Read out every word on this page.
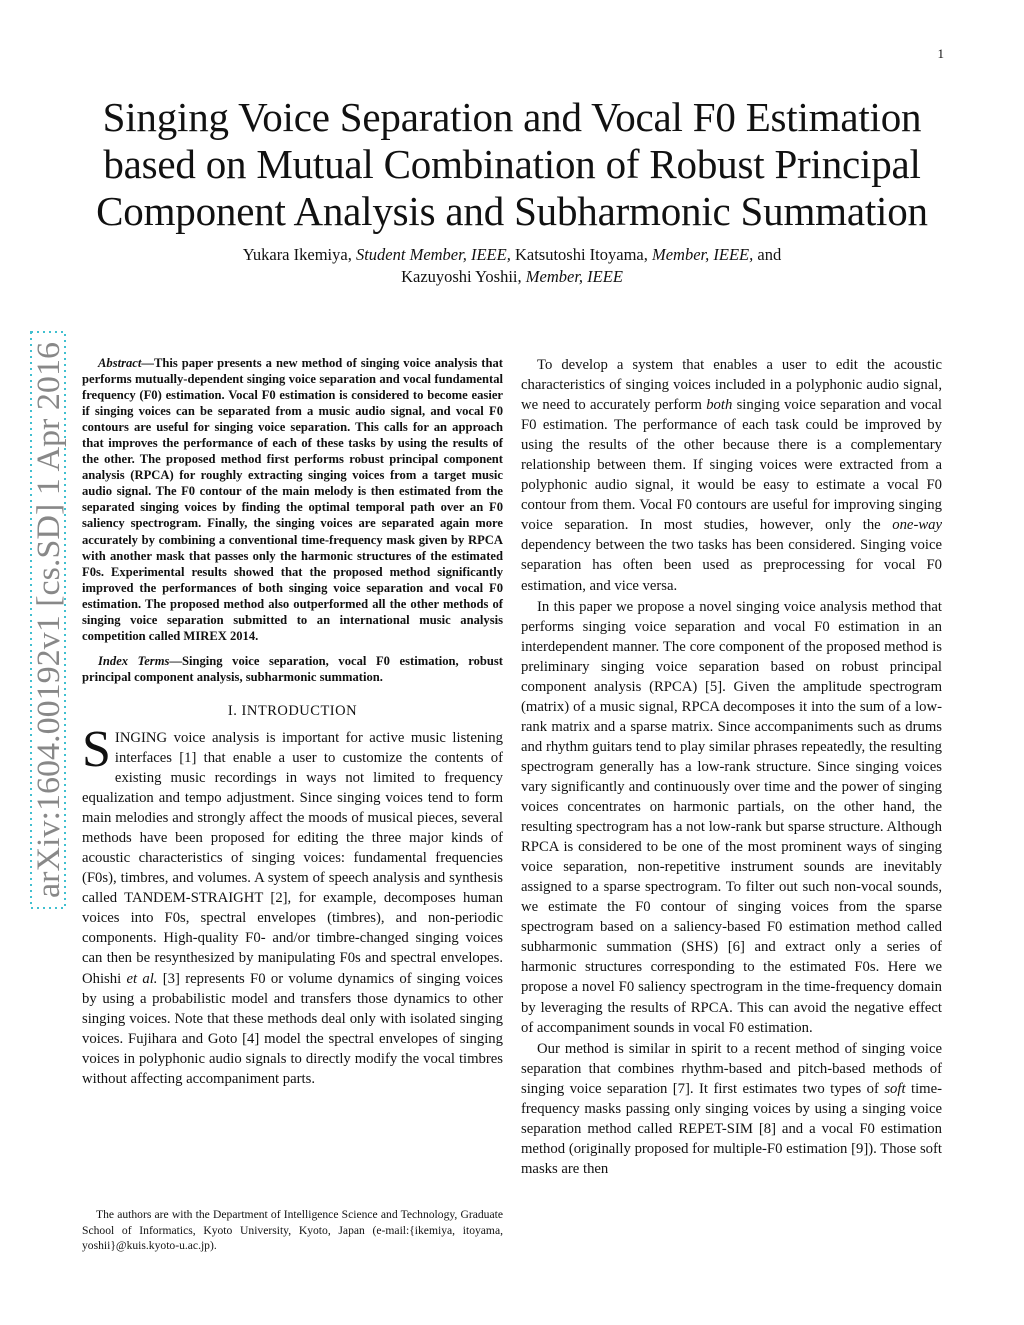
1
Singing Voice Separation and Vocal F0 Estimation
based on Mutual Combination of Robust Principal
Component Analysis and Subharmonic Summation
Yukara Ikemiya, Student Member, IEEE, Katsutoshi Itoyama, Member, IEEE, and
Kazuyoshi Yoshii, Member, IEEE
arXiv:1604.00192v1 [cs.SD] 1 Apr 2016	Abstract—This paper presents a new method of singing voice analysis that performs mutually-dependent singing voice separation and vocal fundamental frequency (F0) estimation. Vocal F0 estimation is considered to become easier if singing voices can be separated from a music audio signal, and vocal F0 contours are useful for singing voice separation. This calls for an approach that improves the performance of each of these tasks by using the results of the other. The proposed method first performs robust principal component analysis (RPCA) for roughly extracting singing voices from a target music audio signal. The F0 contour of the main melody is then estimated from the separated singing voices by finding the optimal temporal path over an F0 saliency spectrogram. Finally, the singing voices are separated again more accurately by combining a conventional time-frequency mask given by RPCA with another mask that passes only the harmonic structures of the estimated F0s. Experimental results showed that the proposed method significantly improved the performances of both singing voice separation and vocal F0 estimation. The proposed method also outperformed all the other methods of singing voice separation submitted to an international music analysis competition called MIREX 2014.

Index Terms—Singing voice separation, vocal F0 estimation, robust principal component analysis, subharmonic summation.

I. INTRODUCTION

SINGING voice analysis is important for active music listening interfaces [1] that enable a user to customize the contents of existing music recordings in ways not limited to frequency equalization and tempo adjustment. Since singing voices tend to form main melodies and strongly affect the moods of musical pieces, several methods have been proposed for editing the three major kinds of acoustic characteristics of singing voices: fundamental frequencies (F0s), timbres, and volumes. A system of speech analysis and synthesis called TANDEM-STRAIGHT [2], for example, decomposes human voices into F0s, spectral envelopes (timbres), and non-periodic components. High-quality F0- and/or timbre-changed singing voices can then be resynthesized by manipulating F0s and spectral envelopes. Ohishi et al. [3] represents F0 or volume dynamics of singing voices by using a probabilistic model and transfers those dynamics to other singing voices. Note that these methods deal only with isolated singing voices. Fujihara and Goto [4] model the spectral envelopes of singing voices in polyphonic audio signals to directly modify the vocal timbres without affecting accompaniment parts.

The authors are with the Department of Intelligence Science and Technology, Graduate School of Informatics, Kyoto University, Kyoto, Japan (e-mail:{ikemiya, itoyama, yoshii}@kuis.kyoto-u.ac.jp).

To develop a system that enables a user to edit the acoustic characteristics of singing voices included in a polyphonic audio signal, we need to accurately perform both singing voice separation and vocal F0 estimation. The performance of each task could be improved by using the results of the other because there is a complementary relationship between them. If singing voices were extracted from a polyphonic audio signal, it would be easy to estimate a vocal F0 contour from them. Vocal F0 contours are useful for improving singing voice separation. In most studies, however, only the one-way dependency between the two tasks has been considered. Singing voice separation has often been used as preprocessing for vocal F0 estimation, and vice versa.

In this paper we propose a novel singing voice analysis method that performs singing voice separation and vocal F0 estimation in an interdependent manner. The core component of the proposed method is preliminary singing voice separation based on robust principal component analysis (RPCA) [5]. Given the amplitude spectrogram (matrix) of a music signal, RPCA decomposes it into the sum of a low-rank matrix and a sparse matrix. Since accompaniments such as drums and rhythm guitars tend to play similar phrases repeatedly, the resulting spectrogram generally has a low-rank structure. Since singing voices vary significantly and continuously over time and the power of singing voices concentrates on harmonic partials, on the other hand, the resulting spectrogram has a not low-rank but sparse structure. Although RPCA is considered to be one of the most prominent ways of singing voice separation, non-repetitive instrument sounds are inevitably assigned to a sparse spectrogram. To filter out such non-vocal sounds, we estimate the F0 contour of singing voices from the sparse spectrogram based on a saliency-based F0 estimation method called subharmonic summation (SHS) [6] and extract only a series of harmonic structures corresponding to the estimated F0s. Here we propose a novel F0 saliency spectrogram in the time-frequency domain by leveraging the results of RPCA. This can avoid the negative effect of accompaniment sounds in vocal F0 estimation.

Our method is similar in spirit to a recent method of singing voice separation that combines rhythm-based and pitch-based methods of singing voice separation [7]. It first estimates two types of soft time-frequency masks passing only singing voices by using a singing voice separation method called REPET-SIM [8] and a vocal F0 estimation method (originally proposed for multiple-F0 estimation [9]). Those soft masks are then
